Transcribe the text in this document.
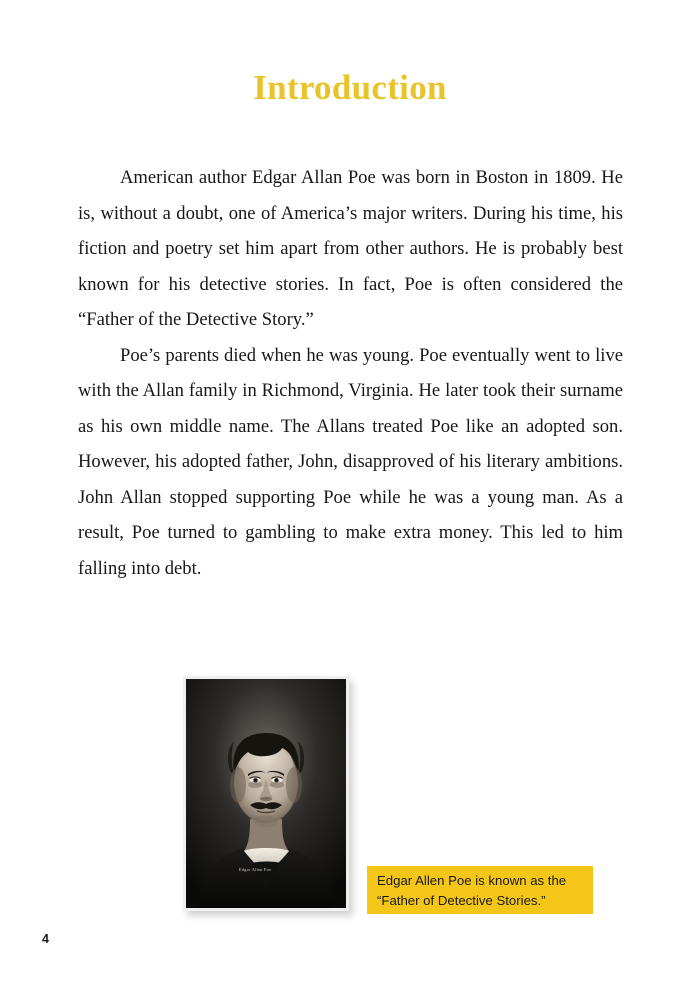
Introduction

American author Edgar Allan Poe was born in Boston in 1809. He is, without a doubt, one of America’s major writers. During his time, his fiction and poetry set him apart from other authors. He is probably best known for his detective stories. In fact, Poe is often considered the “Father of the Detective Story.”

Poe’s parents died when he was young. Poe eventually went to live with the Allan family in Richmond, Virginia. He later took their surname as his own middle name. The Allans treated Poe like an adopted son. However, his adopted father, John, disapproved of his literary ambitions. John Allan stopped supporting Poe while he was a young man. As a result, Poe turned to gambling to make extra money. This led to him falling into debt.

Edgar Allan Poe
Edgar Allen Poe is known as the “Father of Detective Stories.”
4
